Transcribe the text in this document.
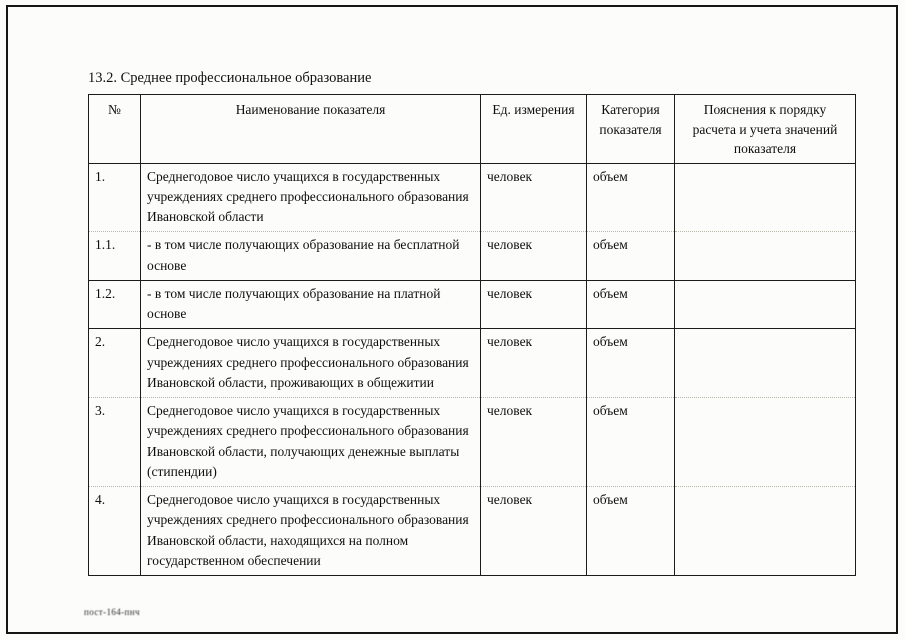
13.2. Среднее профессиональное образование
№	Наименование показателя	Ед. измерения	Категория показателя	Пояснения к порядку расчета и учета значений показателя
1.	Среднегодовое число учащихся в государственных учреждениях среднего профессионального образования Ивановской области	человек	объем	
1.1.	- в том числе получающих образование на бесплатной основе	человек	объем	
1.2.	- в том числе получающих образование на платной основе	человек	объем	
2.	Среднегодовое число учащихся в государственных учреждениях среднего профессионального образования Ивановской области, проживающих в общежитии	человек	объем	
3.	Среднегодовое число учащихся в государственных учреждениях среднего профессионального образования Ивановской области, получающих денежные выплаты (стипендии)	человек	объем	
4.	Среднегодовое число учащихся в государственных учреждениях среднего профессионального образования Ивановской области, находящихся на полном государственном обеспечении	человек	объем	
пост-164-пнч
